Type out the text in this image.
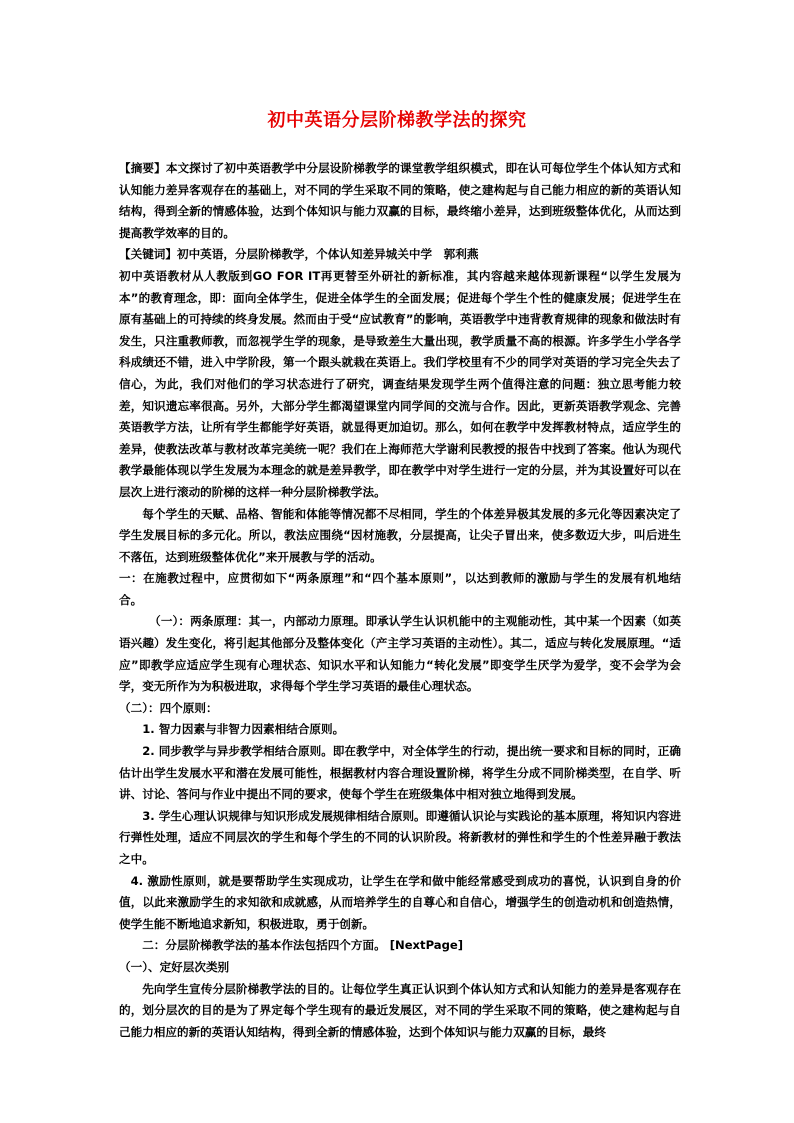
初中英语分层阶梯教学法的探究

【摘要】本文探讨了初中英语教学中分层设阶梯教学的课堂教学组织模式，即在认可每位学生个体认知方式和认知能力差异客观存在的基础上，对不同的学生采取不同的策略，使之建构起与自己能力相应的新的英语认知结构，得到全新的情感体验，达到个体知识与能力双赢的目标，最终缩小差异，达到班级整体优化，从而达到提高教学效率的目的。

【关键词】初中英语，分层阶梯教学，个体认知差异城关中学　郭利燕

初中英语教材从人教版到GO FOR IT再更替至外研社的新标准，其内容越来越体现新课程“以学生发展为本”的教育理念，即：面向全体学生，促进全体学生的全面发展；促进每个学生个性的健康发展；促进学生在原有基础上的可持续的终身发展。然而由于受“应试教育”的影响，英语教学中违背教育规律的现象和做法时有发生，只注重教师教，而忽视学生学的现象，是导致差生大量出现，教学质量不高的根源。许多学生小学各学科成绩还不错，进入中学阶段，第一个跟头就栽在英语上。我们学校里有不少的同学对英语的学习完全失去了信心，为此，我们对他们的学习状态进行了研究，调查结果发现学生两个值得注意的问题：独立思考能力较差，知识遗忘率很高。另外，大部分学生都渴望课堂内同学间的交流与合作。因此，更新英语教学观念、完善英语教学方法，让所有学生都能学好英语，就显得更加迫切。那么，如何在教学中发挥教材特点，适应学生的差异，使教法改革与教材改革完美统一呢？我们在上海师范大学谢利民教授的报告中找到了答案。他认为现代教学最能体现以学生发展为本理念的就是差异教学，即在教学中对学生进行一定的分层，并为其设置好可以在层次上进行滚动的阶梯的这样一种分层阶梯教学法。

每个学生的天赋、品格、智能和体能等情况都不尽相同，学生的个体差异极其发展的多元化等因素决定了学生发展目标的多元化。所以，教法应围绕“因材施教，分层提高，让尖子冒出来，使多数迈大步，叫后进生不落伍，达到班级整体优化”来开展教与学的活动。

一：在施教过程中，应贯彻如下“两条原理”和“四个基本原则”，以达到教师的激励与学生的发展有机地结合。

（一）：两条原理：其一，内部动力原理。即承认学生认识机能中的主观能动性，其中某一个因素（如英语兴趣）发生变化，将引起其他部分及整体变化（产主学习英语的主动性）。其二，适应与转化发展原理。“适应”即教学应适应学生现有心理状态、知识水平和认知能力“转化发展”即变学生厌学为爱学，变不会学为会学，变无所作为为积极进取，求得每个学生学习英语的最佳心理状态。

（二）：四个原则：

1. 智力因素与非智力因素相结合原则。

2. 同步教学与异步教学相结合原则。即在教学中，对全体学生的行动，提出统一要求和目标的同时，正确估计出学生发展水平和潜在发展可能性，根据教材内容合理设置阶梯，将学生分成不同阶梯类型，在自学、听讲、讨论、答问与作业中提出不同的要求，使每个学生在班级集体中相对独立地得到发展。

3. 学生心理认识规律与知识形成发展规律相结合原则。即遵循认识论与实践论的基本原理，将知识内容进行弹性处理，适应不同层次的学生和每个学生的不同的认识阶段。将新教材的弹性和学生的个性差异融于教法之中。

4. 激励性原则，就是要帮助学生实现成功，让学生在学和做中能经常感受到成功的喜悦，认识到自身的价值，以此来激励学生的求知欲和成就感，从而培养学生的自尊心和自信心，增强学生的创造动机和创造热情，使学生能不断地追求新知，积极进取，勇于创新。

二：分层阶梯教学法的基本作法包括四个方面。 [NextPage]

（一）、定好层次类别

先向学生宣传分层阶梯教学法的目的。让每位学生真正认识到个体认知方式和认知能力的差异是客观存在的，划分层次的目的是为了界定每个学生现有的最近发展区，对不同的学生采取不同的策略，使之建构起与自己能力相应的新的英语认知结构，得到全新的情感体验，达到个体知识与能力双赢的目标，最终
